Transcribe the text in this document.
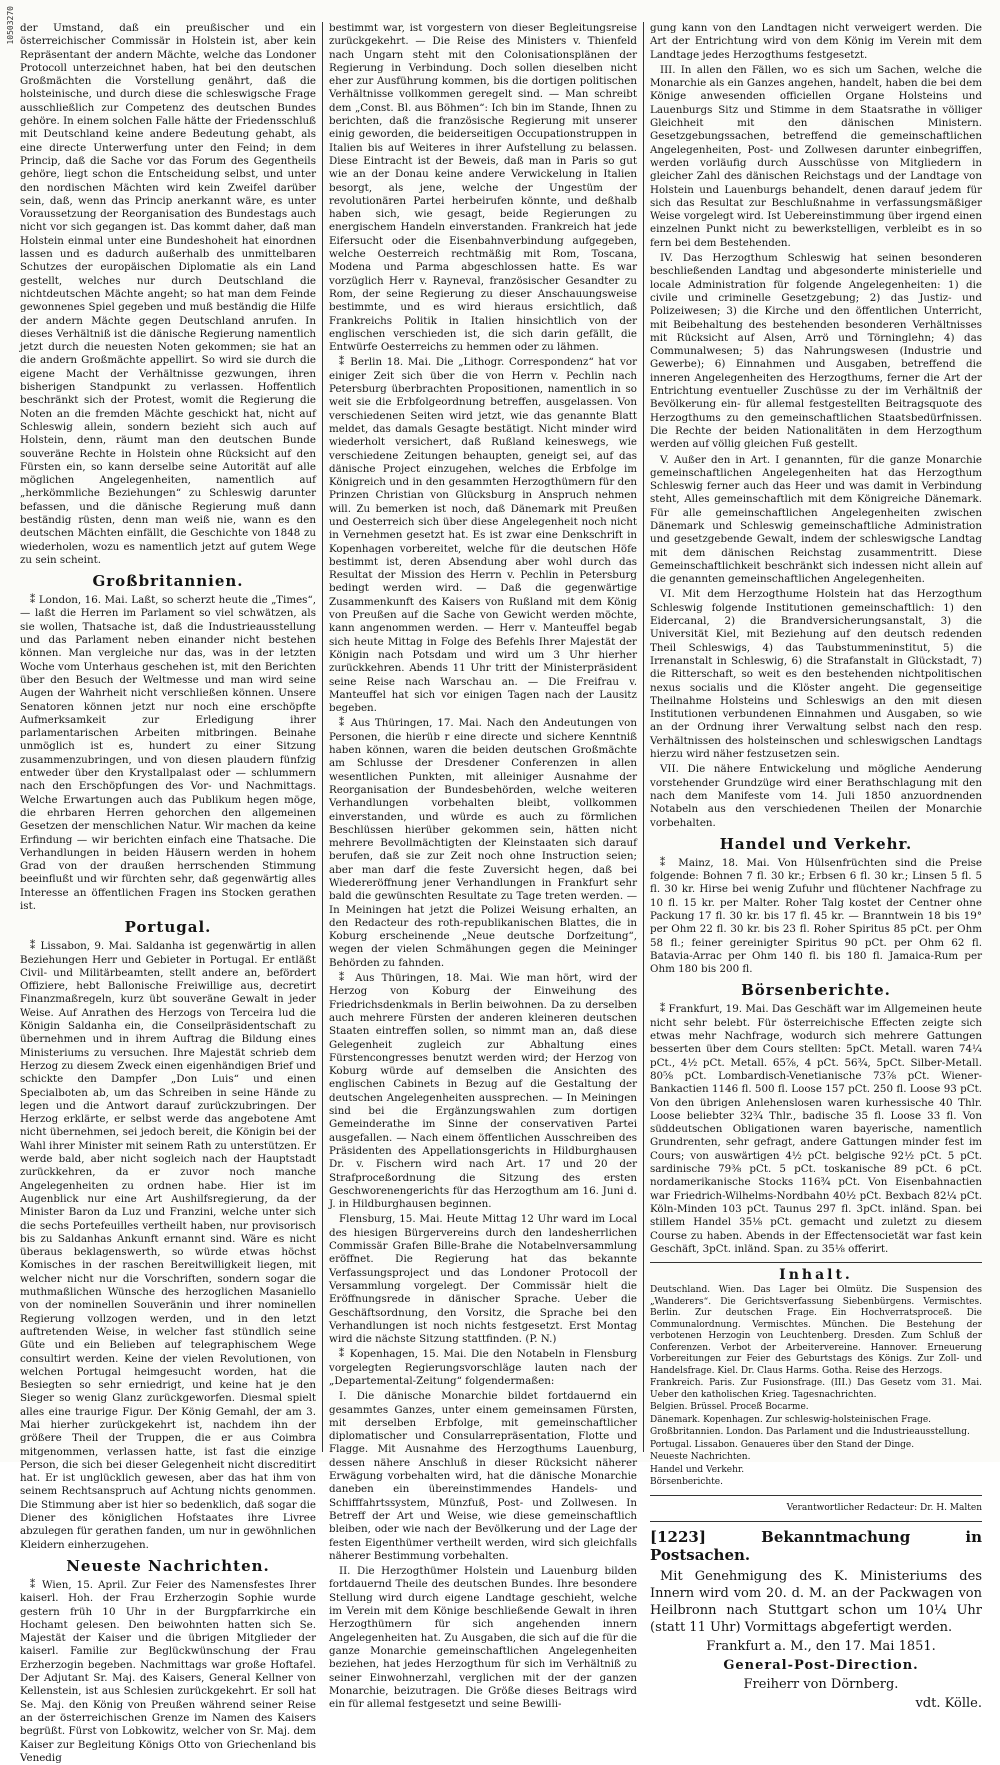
10503270 der Umstand, daß ein preußischer und ein österreichischer Commissär in Holstein ist, aber kein Repräsentant der andern Mächte, welche das Londoner Protocoll unterzeichnet haben, hat bei den deutschen Großmächten die Vorstellung genährt, daß die holsteinische, und durch diese die schleswigsche Frage ausschließlich zur Competenz des deutschen Bundes gehöre. In einem solchen Falle hätte der Friedensschluß mit Deutschland keine andere Bedeutung gehabt, als eine directe Unterwerfung unter den Feind; in dem Princip, daß die Sache vor das Forum des Gegentheils gehöre, liegt schon die Entscheidung selbst, und unter den nordischen Mächten wird kein Zweifel darüber sein, daß, wenn das Princip anerkannt wäre, es unter Voraussetzung der Reorganisation des Bundestags auch nicht vor sich gegangen ist. Das kommt daher, daß man Holstein einmal unter eine Bundeshoheit hat einordnen lassen und es dadurch außerhalb des unmittelbaren Schutzes der europäischen Diplomatie als ein Land gestellt, welches nur durch Deutschland die nichtdeutschen Mächte angeht; so hat man dem Feinde gewonnenes Spiel gegeben und muß beständig die Hilfe der andern Mächte gegen Deutschland anrufen. In dieses Verhältniß ist die dänische Regierung namentlich jetzt durch die neuesten Noten gekommen; sie hat an die andern Großmächte appellirt. So wird sie durch die eigene Macht der Verhältnisse gezwungen, ihren bisherigen Standpunkt zu verlassen. Hoffentlich beschränkt sich der Protest, womit die Regierung die Noten an die fremden Mächte geschickt hat, nicht auf Schleswig allein, sondern bezieht sich auch auf Holstein, denn, räumt man den deutschen Bunde souveräne Rechte in Holstein ohne Rücksicht auf den Fürsten ein, so kann derselbe seine Autorität auf alle möglichen Angelegenheiten, namentlich auf „herkömmliche Beziehungen“ zu Schleswig darunter befassen, und die dänische Regierung muß dann beständig rüsten, denn man weiß nie, wann es den deutschen Mächten einfällt, die Geschichte von 1848 zu wiederholen, wozu es namentlich jetzt auf gutem Wege zu sein scheint.

Großbritannien.

⁑ London, 16. Mai. Laßt, so scherzt heute die „Times“, — laßt die Herren im Parlament so viel schwätzen, als sie wollen, Thatsache ist, daß die Industrieausstellung und das Parlament neben einander nicht bestehen können. Man vergleiche nur das, was in der letzten Woche vom Unterhaus geschehen ist, mit den Berichten über den Besuch der Weltmesse und man wird seine Augen der Wahrheit nicht verschließen können. Unsere Senatoren können jetzt nur noch eine erschöpfte Aufmerksamkeit zur Erledigung ihrer parlamentarischen Arbeiten mitbringen. Beinahe unmöglich ist es, hundert zu einer Sitzung zusammenzubringen, und von diesen plaudern fünfzig entweder über den Krystallpalast oder — schlummern nach den Erschöpfungen des Vor- und Nachmittags. Welche Erwartungen auch das Publikum hegen möge, die ehrbaren Herren gehorchen den allgemeinen Gesetzen der menschlichen Natur. Wir machen da keine Erfindung — wir berichten einfach eine Thatsache. Die Verhandlungen in beiden Häusern werden in hohem Grad von der draußen herrschenden Stimmung beeinflußt und wir fürchten sehr, daß gegenwärtig alles Interesse an öffentlichen Fragen ins Stocken gerathen ist.

Portugal.

⁑ Lissabon, 9. Mai. Saldanha ist gegenwärtig in allen Beziehungen Herr und Gebieter in Portugal. Er entläßt Civil- und Militärbeamten, stellt andere an, befördert Offiziere, hebt Ballonische Freiwillige aus, decretirt Finanzmaßregeln, kurz übt souveräne Gewalt in jeder Weise. Auf Anrathen des Herzogs von Terceira lud die Königin Saldanha ein, die Conseilpräsidentschaft zu übernehmen und in ihrem Auftrag die Bildung eines Ministeriums zu versuchen. Ihre Majestät schrieb dem Herzog zu diesem Zweck einen eigenhändigen Brief und schickte den Dampfer „Don Luis“ und einen Specialboten ab, um das Schreiben in seine Hände zu legen und die Antwort darauf zurückzubringen. Der Herzog erklärte, er selbst werde das angebotene Amt nicht übernehmen, sei jedoch bereit, die Königin bei der Wahl ihrer Minister mit seinem Rath zu unterstützen. Er werde bald, aber nicht sogleich nach der Hauptstadt zurückkehren, da er zuvor noch manche Angelegenheiten zu ordnen habe. Hier ist im Augenblick nur eine Art Aushilfsregierung, da der Minister Baron da Luz und Franzini, welche unter sich die sechs Portefeuilles vertheilt haben, nur provisorisch bis zu Saldanhas Ankunft ernannt sind. Wäre es nicht überaus beklagenswerth, so würde etwas höchst Komisches in der raschen Bereitwilligkeit liegen, mit welcher nicht nur die Vorschriften, sondern sogar die muthmaßlichen Wünsche des herzoglichen Masaniello von der nominellen Souveränin und ihrer nominellen Regierung vollzogen werden, und in den letzt auftretenden Weise, in welcher fast stündlich seine Güte und ein Belieben auf telegraphischem Wege consultirt werden. Keine der vielen Revolutionen, von welchen Portugal heimgesucht worden, hat die Besiegten so sehr erniedrigt, und keine hat je den Sieger so wenig Glanz zurückgeworfen. Diesmal spielt alles eine traurige Figur. Der König Gemahl, der am 3. Mai hierher zurückgekehrt ist, nachdem ihn der größere Theil der Truppen, die er aus Coimbra mitgenommen, verlassen hatte, ist fast die einzige Person, die sich bei dieser Gelegenheit nicht discreditirt hat. Er ist unglücklich gewesen, aber das hat ihm von seinem Rechtsanspruch auf Achtung nichts genommen. Die Stimmung aber ist hier so bedenklich, daß sogar die Diener des königlichen Hofstaates ihre Livree abzulegen für gerathen fanden, um nur in gewöhnlichen Kleidern einherzugehen.

Neueste Nachrichten.

⁑ Wien, 15. April. Zur Feier des Namensfestes Ihrer kaiserl. Hoh. der Frau Erzherzogin Sophie wurde gestern früh 10 Uhr in der Burgpfarrkirche ein Hochamt gelesen. Den beiwohnten hatten sich Se. Majestät der Kaiser und die übrigen Mitglieder der kaiserl. Familie zur Beglückwünschung der Frau Erzherzogin begeben. Nachmittags war große Hoftafel. Der Adjutant Sr. Maj. des Kaisers, General Kellner von Kellenstein, ist aus Schlesien zurückgekehrt. Er soll hat Se. Maj. den König von Preußen während seiner Reise an der österreichischen Grenze im Namen des Kaisers begrüßt. Fürst von Lobkowitz, welcher von Sr. Maj. dem Kaiser zur Begleitung Königs Otto von Griechenland bis Venedig

bestimmt war, ist vorgestern von dieser Begleitungsreise zurückgekehrt. — Die Reise des Ministers v. Thienfeld nach Ungarn steht mit den Colonisationsplänen der Regierung in Verbindung. Doch sollen dieselben nicht eher zur Ausführung kommen, bis die dortigen politischen Verhältnisse vollkommen geregelt sind. — Man schreibt dem „Const. Bl. aus Böhmen“: Ich bin im Stande, Ihnen zu berichten, daß die französische Regierung mit unserer einig geworden, die beiderseitigen Occupationstruppen in Italien bis auf Weiteres in ihrer Aufstellung zu belassen. Diese Eintracht ist der Beweis, daß man in Paris so gut wie an der Donau keine andere Verwickelung in Italien besorgt, als jene, welche der Ungestüm der revolutionären Partei herbeirufen könnte, und deßhalb haben sich, wie gesagt, beide Regierungen zu energischem Handeln einverstanden. Frankreich hat jede Eifersucht oder die Eisenbahnverbindung aufgegeben, welche Oesterreich rechtmäßig mit Rom, Toscana, Modena und Parma abgeschlossen hatte. Es war vorzüglich Herr v. Rayneval, französischer Gesandter zu Rom, der seine Regierung zu dieser Anschauungsweise bestimmte, und es wird hieraus ersichtlich, daß Frankreichs Politik in Italien hinsichtlich von der englischen verschieden ist, die sich darin gefällt, die Entwürfe Oesterreichs zu hemmen oder zu lähmen.

⁑ Berlin 18. Mai. Die „Lithogr. Correspondenz“ hat vor einiger Zeit sich über die von Herrn v. Pechlin nach Petersburg überbrachten Propositionen, namentlich in so weit sie die Erbfolgeordnung betreffen, ausgelassen. Von verschiedenen Seiten wird jetzt, wie das genannte Blatt meldet, das damals Gesagte bestätigt. Nicht minder wird wiederholt versichert, daß Rußland keineswegs, wie verschiedene Zeitungen behaupten, geneigt sei, auf das dänische Project einzugehen, welches die Erbfolge im Königreich und in den gesammten Herzogthümern für den Prinzen Christian von Glücksburg in Anspruch nehmen will. Zu bemerken ist noch, daß Dänemark mit Preußen und Oesterreich sich über diese Angelegenheit noch nicht in Vernehmen gesetzt hat. Es ist zwar eine Denkschrift in Kopenhagen vorbereitet, welche für die deutschen Höfe bestimmt ist, deren Absendung aber wohl durch das Resultat der Mission des Herrn v. Pechlin in Petersburg bedingt werden wird. — Daß die gegenwärtige Zusammenkunft des Kaisers von Rußland mit dem König von Preußen auf die Sache von Gewicht werden möchte, kann angenommen werden. — Herr v. Manteuffel begab sich heute Mittag in Folge des Befehls Ihrer Majestät der Königin nach Potsdam und wird um 3 Uhr hierher zurückkehren. Abends 11 Uhr tritt der Ministerpräsident seine Reise nach Warschau an. — Die Freifrau v. Manteuffel hat sich vor einigen Tagen nach der Lausitz begeben.

⁑ Aus Thüringen, 17. Mai. Nach den Andeutungen von Personen, die hierüb r eine directe und sichere Kenntniß haben können, waren die beiden deutschen Großmächte am Schlusse der Dresdener Conferenzen in allen wesentlichen Punkten, mit alleiniger Ausnahme der Reorganisation der Bundesbehörden, welche weiteren Verhandlungen vorbehalten bleibt, vollkommen einverstanden, und würde es auch zu förmlichen Beschlüssen hierüber gekommen sein, hätten nicht mehrere Bevollmächtigten der Kleinstaaten sich darauf berufen, daß sie zur Zeit noch ohne Instruction seien; aber man darf die feste Zuversicht hegen, daß bei Wiedereröffnung jener Verhandlungen in Frankfurt sehr bald die gewünschten Resultate zu Tage treten werden. — In Meiningen hat jetzt die Polizei Weisung erhalten, an den Redacteur des roth-republikanischen Blattes, die in Koburg erscheinende „Neue deutsche Dorfzeitung“, wegen der vielen Schmähungen gegen die Meininger Behörden zu fahnden.

⁑ Aus Thüringen, 18. Mai. Wie man hört, wird der Herzog von Koburg der Einweihung des Friedrichsdenkmals in Berlin beiwohnen. Da zu derselben auch mehrere Fürsten der anderen kleineren deutschen Staaten eintreffen sollen, so nimmt man an, daß diese Gelegenheit zugleich zur Abhaltung eines Fürstencongresses benutzt werden wird; der Herzog von Koburg würde auf demselben die Ansichten des englischen Cabinets in Bezug auf die Gestaltung der deutschen Angelegenheiten aussprechen. — In Meiningen sind bei die Ergänzungswahlen zum dortigen Gemeinderathe im Sinne der conservativen Partei ausgefallen. — Nach einem öffentlichen Ausschreiben des Präsidenten des Appellationsgerichts in Hildburghausen Dr. v. Fischern wird nach Art. 17 und 20 der Strafproceßordnung die Sitzung des ersten Geschworenengerichts für das Herzogthum am 16. Juni d. J. in Hildburghausen beginnen.

Flensburg, 15. Mai. Heute Mittag 12 Uhr ward im Local des hiesigen Bürgervereins durch den landesherrlichen Commissär Grafen Bille-Brahe die Notabelnversammlung eröffnet. Die Regierung hat das bekannte Verfassungsproject und das Londoner Protocoll der Versammlung vorgelegt. Der Commissär hielt die Eröffnungsrede in dänischer Sprache. Ueber die Geschäftsordnung, den Vorsitz, die Sprache bei den Verhandlungen ist noch nichts festgesetzt. Erst Montag wird die nächste Sitzung stattfinden. (P. N.)

⁑ Kopenhagen, 15. Mai. Die den Notabeln in Flensburg vorgelegten Regierungsvorschläge lauten nach der „Departemental-Zeitung“ folgendermaßen:

I. Die dänische Monarchie bildet fortdauernd ein gesammtes Ganzes, unter einem gemeinsamen Fürsten, mit derselben Erbfolge, mit gemeinschaftlicher diplomatischer und Consularrepräsentation, Flotte und Flagge. Mit Ausnahme des Herzogthums Lauenburg, dessen nähere Anschluß in dieser Rücksicht näherer Erwägung vorbehalten wird, hat die dänische Monarchie daneben ein übereinstimmendes Handels- und Schifffahrtssystem, Münzfuß, Post- und Zollwesen. In Betreff der Art und Weise, wie diese gemeinschaftlich bleiben, oder wie nach der Bevölkerung und der Lage der festen Eigenthümer vertheilt werden, wird sich gleichfalls näherer Bestimmung vorbehalten.

II. Die Herzogthümer Holstein und Lauenburg bilden fortdauernd Theile des deutschen Bundes. Ihre besondere Stellung wird durch eigene Landtage geschieht, welche im Verein mit dem Könige beschließende Gewalt in ihren Herzogthümern für sich angehenden innern Angelegenheiten hat. Zu Ausgaben, die sich auf die für die ganze Monarchie gemeinschaftlichen Angelegenheiten beziehen, hat jedes Herzogthum für sich im Verhältniß zu seiner Einwohnerzahl, verglichen mit der der ganzen Monarchie, beizutragen. Die Größe dieses Beitrags wird ein für allemal festgesetzt und seine Bewilli-

gung kann von den Landtagen nicht verweigert werden. Die Art der Entrichtung wird von dem König im Verein mit dem Landtage jedes Herzogthums festgesetzt.

III. In allen den Fällen, wo es sich um Sachen, welche die Monarchie als ein Ganzes angehen, handelt, haben die bei dem Könige anwesenden officiellen Organe Holsteins und Lauenburgs Sitz und Stimme in dem Staatsrathe in völliger Gleichheit mit den dänischen Ministern. Gesetzgebungssachen, betreffend die gemeinschaftlichen Angelegenheiten, Post- und Zollwesen darunter einbegriffen, werden vorläufig durch Ausschüsse von Mitgliedern in gleicher Zahl des dänischen Reichstags und der Landtage von Holstein und Lauenburgs behandelt, denen darauf jedem für sich das Resultat zur Beschlußnahme in verfassungsmäßiger Weise vorgelegt wird. Ist Uebereinstimmung über irgend einen einzelnen Punkt nicht zu bewerkstelligen, verbleibt es in so fern bei dem Bestehenden.

IV. Das Herzogthum Schleswig hat seinen besonderen beschließenden Landtag und abgesonderte ministerielle und locale Administration für folgende Angelegenheiten: 1) die civile und criminelle Gesetzgebung; 2) das Justiz- und Polizeiwesen; 3) die Kirche und den öffentlichen Unterricht, mit Beibehaltung des bestehenden besonderen Verhältnisses mit Rücksicht auf Alsen, Arrö und Törninglehn; 4) das Communalwesen; 5) das Nahrungswesen (Industrie und Gewerbe); 6) Einnahmen und Ausgaben, betreffend die inneren Angelegenheiten des Herzogthums, ferner die Art der Entrichtung eventueller Zuschüsse zu der im Verhältniß der Bevölkerung ein- für allemal festgestellten Beitragsquote des Herzogthums zu den gemeinschaftlichen Staatsbedürfnissen. Die Rechte der beiden Nationalitäten in dem Herzogthum werden auf völlig gleichen Fuß gestellt.

V. Außer den in Art. I genannten, für die ganze Monarchie gemeinschaftlichen Angelegenheiten hat das Herzogthum Schleswig ferner auch das Heer und was damit in Verbindung steht, Alles gemeinschaftlich mit dem Königreiche Dänemark. Für alle gemeinschaftlichen Angelegenheiten zwischen Dänemark und Schleswig gemeinschaftliche Administration und gesetzgebende Gewalt, indem der schleswigsche Landtag mit dem dänischen Reichstag zusammentritt. Diese Gemeinschaftlichkeit beschränkt sich indessen nicht allein auf die genannten gemeinschaftlichen Angelegenheiten.

VI. Mit dem Herzogthume Holstein hat das Herzogthum Schleswig folgende Institutionen gemeinschaftlich: 1) den Eidercanal, 2) die Brandversicherungsanstalt, 3) die Universität Kiel, mit Beziehung auf den deutsch redenden Theil Schleswigs, 4) das Taubstummeninstitut, 5) die Irrenanstalt in Schleswig, 6) die Strafanstalt in Glückstadt, 7) die Ritterschaft, so weit es den bestehenden nichtpolitischen nexus socialis und die Klöster angeht. Die gegenseitige Theilnahme Holsteins und Schleswigs an den mit diesen Institutionen verbundenen Einnahmen und Ausgaben, so wie an der Ordnung ihrer Verwaltung selbst nach den resp. Verhältnissen des holsteinschen und schleswigschen Landtags hierzu wird näher festzusetzen sein.

VII. Die nähere Entwickelung und mögliche Aenderung vorstehender Grundzüge wird einer Berathschlagung mit den nach dem Manifeste vom 14. Juli 1850 anzuordnenden Notabeln aus den verschiedenen Theilen der Monarchie vorbehalten.

Handel und Verkehr.

⁑ Mainz, 18. Mai. Von Hülsenfrüchten sind die Preise folgende: Bohnen 7 fl. 30 kr.; Erbsen 6 fl. 30 kr.; Linsen 5 fl. 5 fl. 30 kr. Hirse bei wenig Zufuhr und flüchtener Nachfrage zu 10 fl. 15 kr. per Malter. Roher Talg kostet der Centner ohne Packung 17 fl. 30 kr. bis 17 fl. 45 kr. — Branntwein 18 bis 19° per Ohm 22 fl. 30 kr. bis 23 fl. Roher Spiritus 85 pCt. per Ohm 58 fl.; feiner gereinigter Spiritus 90 pCt. per Ohm 62 fl. Batavia-Arrac per Ohm 140 fl. bis 180 fl. Jamaica-Rum per Ohm 180 bis 200 fl.

Börsenberichte.

⁑ Frankfurt, 19. Mai. Das Geschäft war im Allgemeinen heute nicht sehr belebt. Für österreichische Effecten zeigte sich etwas mehr Nachfrage, wodurch sich mehrere Gattungen besserten über dem Cours stellten: 5pCt. Metall. waren 74¼ pCt., 4½ pCt. Metall. 65⅞, 4 pCt. 56¾, 5pCt. Silber-Metall. 80⅝ pCt. Lombardisch-Venetianische 73⅞ pCt. Wiener-Bankactien 1146 fl. 500 fl. Loose 157 pCt. 250 fl. Loose 93 pCt. Von den übrigen Anlehenslosen waren kurhessische 40 Thlr. Loose beliebter 32¾ Thlr., badische 35 fl. Loose 33 fl. Von süddeutschen Obligationen waren bayerische, namentlich Grundrenten, sehr gefragt, andere Gattungen minder fest im Cours; von auswärtigen 4½ pCt. belgische 92½ pCt. 5 pCt. sardinische 79⅜ pCt. 5 pCt. toskanische 89 pCt. 6 pCt. nordamerikanische Stocks 116¾ pCt. Von Eisenbahnactien war Friedrich-Wilhelms-Nordbahn 40½ pCt. Bexbach 82¼ pCt. Köln-Minden 103 pCt. Taunus 297 fl. 3pCt. inländ. Span. bei stillem Handel 35⅛ pCt. gemacht und zuletzt zu diesem Course zu haben. Abends in der Effectensocietät war fast kein Geschäft, 3pCt. inländ. Span. zu 35⅛ offerirt.

Inhalt.

Deutschland. Wien. Das Lager bei Olmütz. Die Suspension des „Wanderers“. Die Gerichtsverfassung Siebenbürgens. Vermischtes. Berlin. Zur deutschen Frage. Ein Hochverratsproceß. Die Communalordnung. Vermischtes. München. Die Bestehung der verbotenen Herzogin von Leuchtenberg. Dresden. Zum Schluß der Conferenzen. Verbot der Arbeitervereine. Hannover. Erneuerung Vorbereitungen zur Feier des Geburtstags des Königs. Zur Zoll- und Handelsfrage. Kiel. Dr. Claus Harms. Gotha. Reise des Herzogs.

Frankreich. Paris. Zur Fusionsfrage. (III.) Das Gesetz vom 31. Mai. Ueber den katholischen Krieg. Tagesnachrichten.

Belgien. Brüssel. Proceß Bocarme.

Dänemark. Kopenhagen. Zur schleswig-holsteinischen Frage.

Großbritannien. London. Das Parlament und die Industrieausstellung.

Portugal. Lissabon. Genaueres über den Stand der Dinge.

Neueste Nachrichten.

Handel und Verkehr.

Börsenberichte.

Verantwortlicher Redacteur: Dr. H. Malten
[1223]	Bekanntmachung in Postsachen.

Mit Genehmigung des K. Ministeriums des Innern wird vom 20. d. M. an der Packwagen von Heilbronn nach Stuttgart schon um 10¼ Uhr (statt 11 Uhr) Vormittags abgefertigt werden.

Frankfurt a. M., den 17. Mai 1851.

General-Post-Direction.

Freiherr von Dörnberg.

vdt. Kölle.
